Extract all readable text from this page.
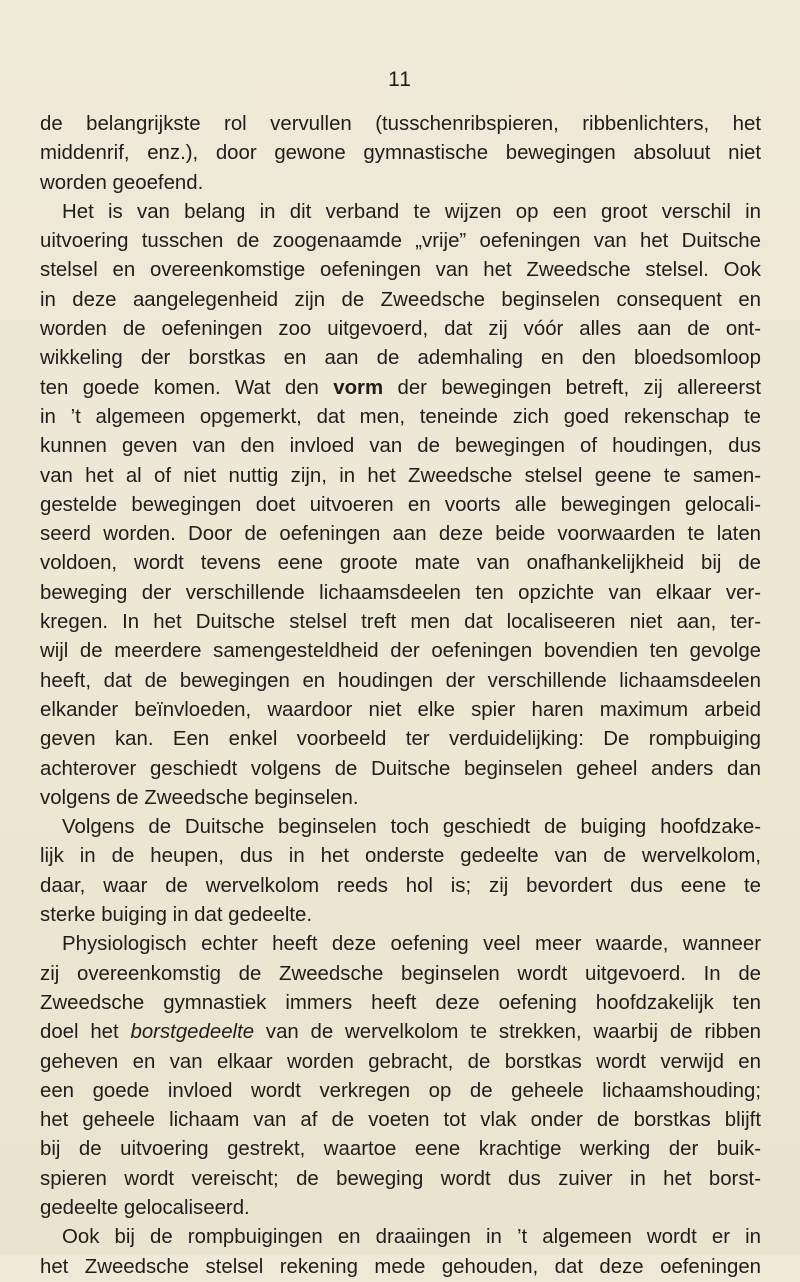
11
de belangrijkste rol vervullen (tusschenribspieren, ribbenlichters, het
middenrif, enz.), door gewone gymnastische bewegingen absoluut niet
worden geoefend.
Het is van belang in dit verband te wijzen op een groot verschil in
uitvoering tusschen de zoogenaamde „vrije” oefeningen van het Duitsche
stelsel en overeenkomstige oefeningen van het Zweedsche stelsel. Ook
in deze aangelegenheid zijn de Zweedsche beginselen consequent en
worden de oefeningen zoo uitgevoerd, dat zij vóór alles aan de ont-
wikkeling der borstkas en aan de ademhaling en den bloedsomloop
ten goede komen. Wat den vorm der bewegingen betreft, zij allereerst
in ’t algemeen opgemerkt, dat men, teneinde zich goed rekenschap te
kunnen geven van den invloed van de bewegingen of houdingen, dus
van het al of niet nuttig zijn, in het Zweedsche stelsel geene te samen-
gestelde bewegingen doet uitvoeren en voorts alle bewegingen gelocali-
seerd worden. Door de oefeningen aan deze beide voorwaarden te laten
voldoen, wordt tevens eene groote mate van onafhankelijkheid bij de
beweging der verschillende lichaamsdeelen ten opzichte van elkaar ver-
kregen. In het Duitsche stelsel treft men dat localiseeren niet aan, ter-
wijl de meerdere samengesteldheid der oefeningen bovendien ten gevolge
heeft, dat de bewegingen en houdingen der verschillende lichaamsdeelen
elkander beïnvloeden, waardoor niet elke spier haren maximum arbeid
geven kan. Een enkel voorbeeld ter verduidelijking: De rompbuiging
achterover geschiedt volgens de Duitsche beginselen geheel anders dan
volgens de Zweedsche beginselen.
Volgens de Duitsche beginselen toch geschiedt de buiging hoofdzake-
lijk in de heupen, dus in het onderste gedeelte van de wervelkolom,
daar, waar de wervelkolom reeds hol is; zij bevordert dus eene te
sterke buiging in dat gedeelte.
Physiologisch echter heeft deze oefening veel meer waarde, wanneer
zij overeenkomstig de Zweedsche beginselen wordt uitgevoerd. In de
Zweedsche gymnastiek immers heeft deze oefening hoofdzakelijk ten
doel het borstgedeelte van de wervelkolom te strekken, waarbij de ribben
geheven en van elkaar worden gebracht, de borstkas wordt verwijd en
een goede invloed wordt verkregen op de geheele lichaamshouding;
het geheele lichaam van af de voeten tot vlak onder de borstkas blijft
bij de uitvoering gestrekt, waartoe eene krachtige werking der buik-
spieren wordt vereischt; de beweging wordt dus zuiver in het borst-
gedeelte gelocaliseerd.
Ook bij de rompbuigingen en draaiingen in ’t algemeen wordt er in
het Zweedsche stelsel rekening mede gehouden, dat deze oefeningen
